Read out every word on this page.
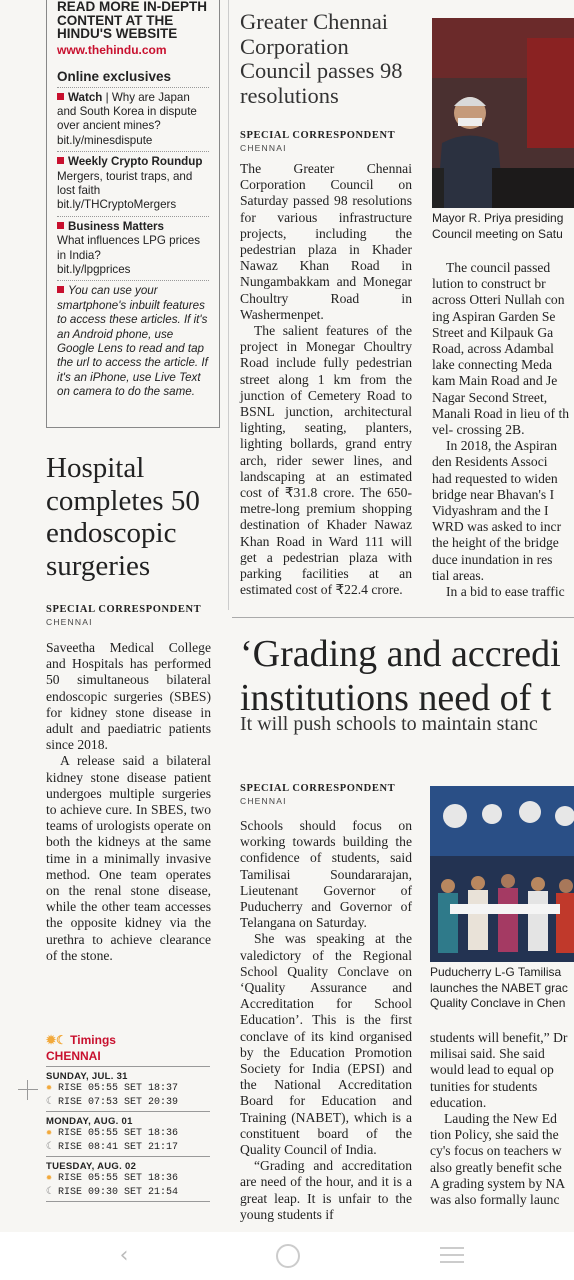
READ MORE IN-DEPTH CONTENT AT THE HINDU'S WEBSITE
www.thehindu.com
Online exclusives
Watch | Why are Japan and South Korea in dispute over ancient mines?
bit.ly/minesdispute
Weekly Crypto Roundup
Mergers, tourist traps, and lost faith
bit.ly/THCryptoMergers
Business Matters
What influences LPG prices in India?
bit.ly/lpgprices
You can use your smartphone's inbuilt features to access these articles. If it's an Android phone, use Google Lens to read and tap the url to access the article. If it's an iPhone, use Live Text on camera to do the same.
Hospital completes 50 endoscopic surgeries
SPECIAL CORRESPONDENT
CHENNAI

Saveetha Medical College and Hospitals has performed 50 simultaneous bilateral endoscopic surgeries (SBES) for kidney stone disease in adult and paediatric patients since 2018.

A release said a bilateral kidney stone disease patient undergoes multiple surgeries to achieve cure. In SBES, two teams of urologists operate on both the kidneys at the same time in a minimally invasive method. One team operates on the renal stone disease, while the other team accesses the opposite kidney via the urethra to achieve clearance of the stone.

✹☾ Timings
CHENNAI
SUNDAY, JUL. 31
✹ RISE 05:55 SET 18:37
☾ RISE 07:53 SET 20:39
MONDAY, AUG. 01
✹ RISE 05:55 SET 18:36
☾ RISE 08:41 SET 21:17
TUESDAY, AUG. 02
✹ RISE 05:55 SET 18:36
☾ RISE 09:30 SET 21:54
Greater Chennai Corporation Council passes 98 resolutions
SPECIAL CORRESPONDENT
CHENNAI

The Greater Chennai Corporation Council on Saturday passed 98 resolutions for various infrastructure projects, including the pedestrian plaza in Khader Nawaz Khan Road in Nungambakkam and Monegar Choultry Road in Washermenpet.

The salient features of the project in Monegar Choultry Road include fully pedestrian street along 1 km from the junction of Cemetery Road to BSNL junction, architectural lighting, seating, planters, lighting bollards, grand entry arch, rider sewer lines, and landscaping at an estimated cost of ₹31.8 crore. The 650-metre-long premium shopping destination of Khader Nawaz Khan Road in Ward 111 will get a pedestrian plaza with parking facilities at an estimated cost of ₹22.4 crore.

Mayor R. Priya presiding
Council meeting on Satu
The council passed
lution to construct br
across Otteri Nullah con
ing Aspiran Garden Se
Street and Kilpauk Ga
Road, across Adambal
lake connecting Meda
kam Main Road and Je
Nagar Second Street,
Manali Road in lieu of th
vel- crossing 2B.
In 2018, the Aspiran
den Residents Associ
had requested to widen
bridge near Bhavan's I
Vidyashram and the I
WRD was asked to incr
the height of the bridge
duce inundation in res
tial areas.
In a bid to ease traffic
‘Grading and accredi
institutions need of t
It will push schools to maintain stanc
SPECIAL CORRESPONDENT
CHENNAI

Schools should focus on working towards building the confidence of students, said Tamilisai Soundararajan, Lieutenant Governor of Puducherry and Governor of Telangana on Saturday.

She was speaking at the valedictory of the Regional School Quality Conclave on ‘Quality Assurance and Accreditation for School Education’. This is the first conclave of its kind organised by the Education Promotion Society for India (EPSI) and the National Accreditation Board for Education and Training (NABET), which is a constituent board of the Quality Council of India.

“Grading and accreditation are need of the hour, and it is a great leap. It is unfair to the young students if

Puducherry L-G Tamilisa
launches the NABET grac
Quality Conclave in Chen
students will benefit,” Dr
milisai said. She said
would lead to equal op
tunities for students
education.
Lauding the New Ed
tion Policy, she said the
cy's focus on teachers w
also greatly benefit sche
A grading system by NA
was also formally launc
‹
